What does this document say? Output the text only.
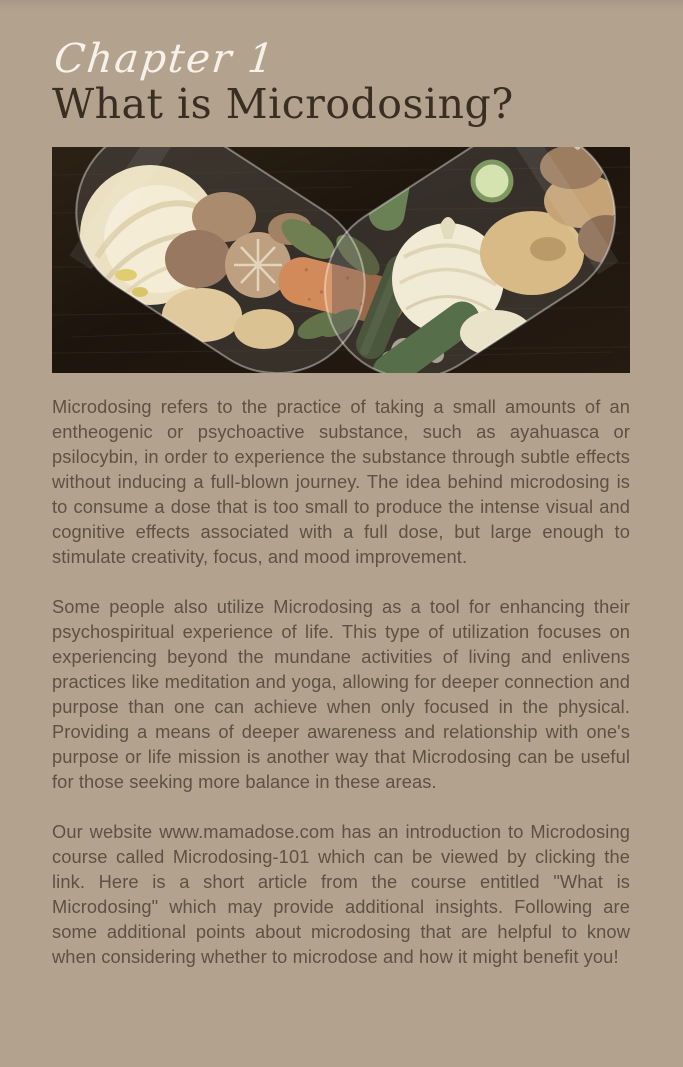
Chapter 1
What is Microdosing?

Microdosing refers to the practice of taking a small amounts of an entheogenic or psychoactive substance, such as ayahuasca or psilocybin, in order to experience the substance through subtle effects without inducing a full-blown journey. The idea behind microdosing is to consume a dose that is too small to produce the intense visual and cognitive effects associated with a full dose, but large enough to stimulate creativity, focus, and mood improvement.

Some people also utilize Microdosing as a tool for enhancing their psychospiritual experience of life. This type of utilization focuses on experiencing beyond the mundane activities of living and enlivens practices like meditation and yoga, allowing for deeper connection and purpose than one can achieve when only focused in the physical. Providing a means of deeper awareness and relationship with one's purpose or life mission is another way that Microdosing can be useful for those seeking more balance in these areas.

Our website www.mamadose.com has an introduction to Microdosing course called Microdosing-101 which can be viewed by clicking the link. Here is a short article from the course entitled "What is Microdosing" which may provide additional insights. Following are some additional points about microdosing that are helpful to know when considering whether to microdose and how it might benefit you!
